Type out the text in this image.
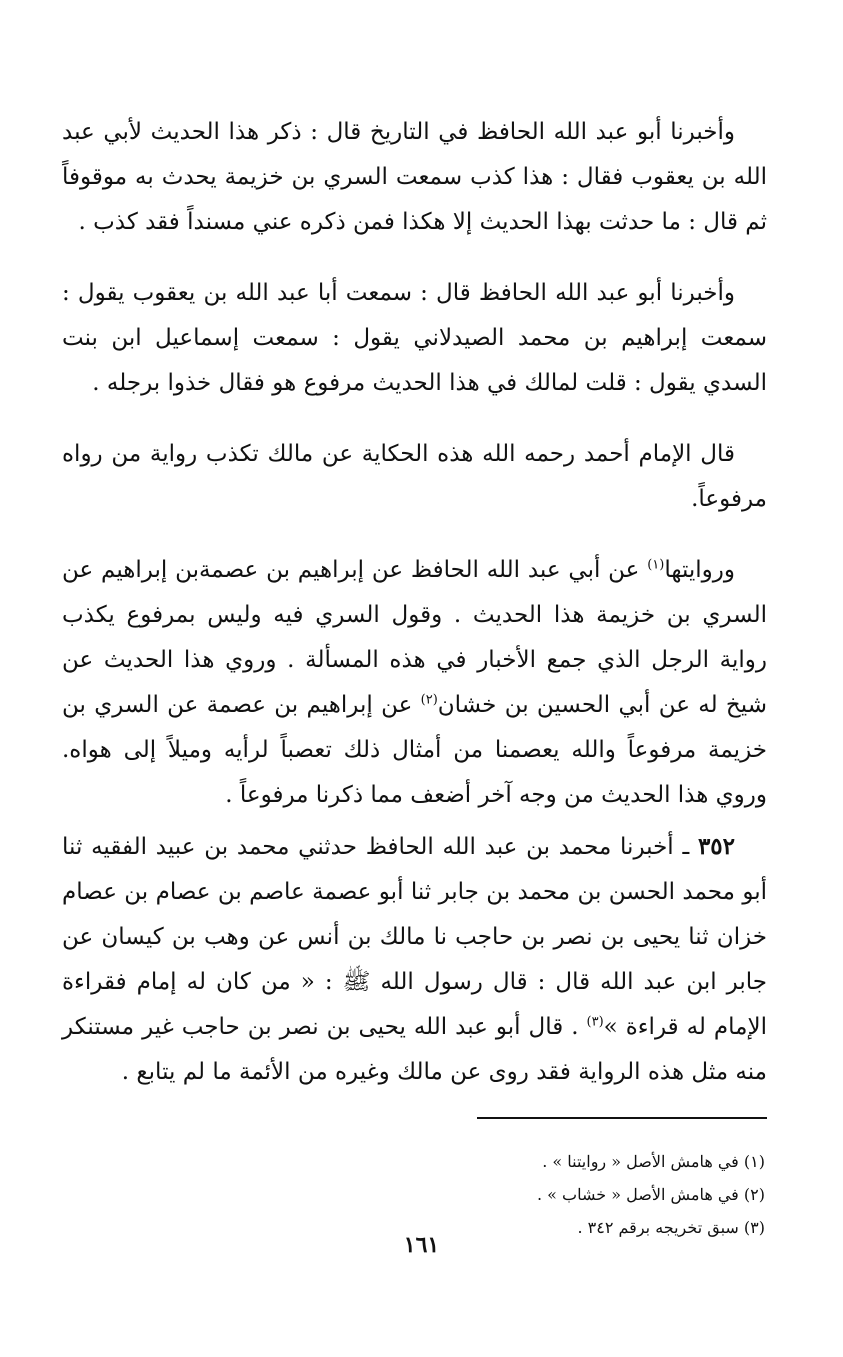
وأخبرنا أبو عبد الله الحافظ في التاريخ قال : ذكر هذا الحديث لأبي عبد الله بن يعقوب فقال : هذا كذب سمعت السري بن خزيمة يحدث به موقوفاً ثم قال : ما حدثت بهذا الحديث إلا هكذا فمن ذكره عني مسنداً فقد كذب .

وأخبرنا أبو عبد الله الحافظ قال : سمعت أبا عبد الله بن يعقوب يقول : سمعت إبراهيم بن محمد الصيدلاني يقول : سمعت إسماعيل ابن بنت السدي يقول : قلت لمالك في هذا الحديث مرفوع هو فقال خذوا برجله .

قال الإمام أحمد رحمه الله هذه الحكاية عن مالك تكذب رواية من رواه مرفوعاً.

وروايتها$^{(١)}$ عن أبي عبد الله الحافظ عن إبراهيم بن عصمةبن إبراهيم عن السري بن خزيمة هذا الحديث . وقول السري فيه وليس بمرفوع يكذب رواية الرجل الذي جمع الأخبار في هذه المسألة . وروي هذا الحديث عن شيخ له عن أبي الحسين بن خشان$^{(٢)}$ عن إبراهيم بن عصمة عن السري بن خزيمة مرفوعاً والله يعصمنا من أمثال ذلك تعصباً لرأيه وميلاً إلى هواه. وروي هذا الحديث من وجه آخر أضعف مما ذكرنا مرفوعاً .

٣٥٢ ـ أخبرنا محمد بن عبد الله الحافظ حدثني محمد بن عبيد الفقيه ثنا أبو محمد الحسن بن محمد بن جابر ثنا أبو عصمة عاصم بن عصام بن عصام خزان ثنا يحيى بن نصر بن حاجب نا مالك بن أنس عن وهب بن كيسان عن جابر ابن عبد الله قال : قال رسول الله ﷺ : « من كان له إمام فقراءة الإمام له قراءة »$^{(٣)}$ . قال أبو عبد الله يحيى بن نصر بن حاجب غير مستنكر منه مثل هذه الرواية فقد روى عن مالك وغيره من الأئمة ما لم يتابع .

(١) في هامش الأصل « روايتنا » .
(٢) في هامش الأصل « خشاب » .
(٣) سبق تخريجه برقم ٣٤٢ .
١٦١
